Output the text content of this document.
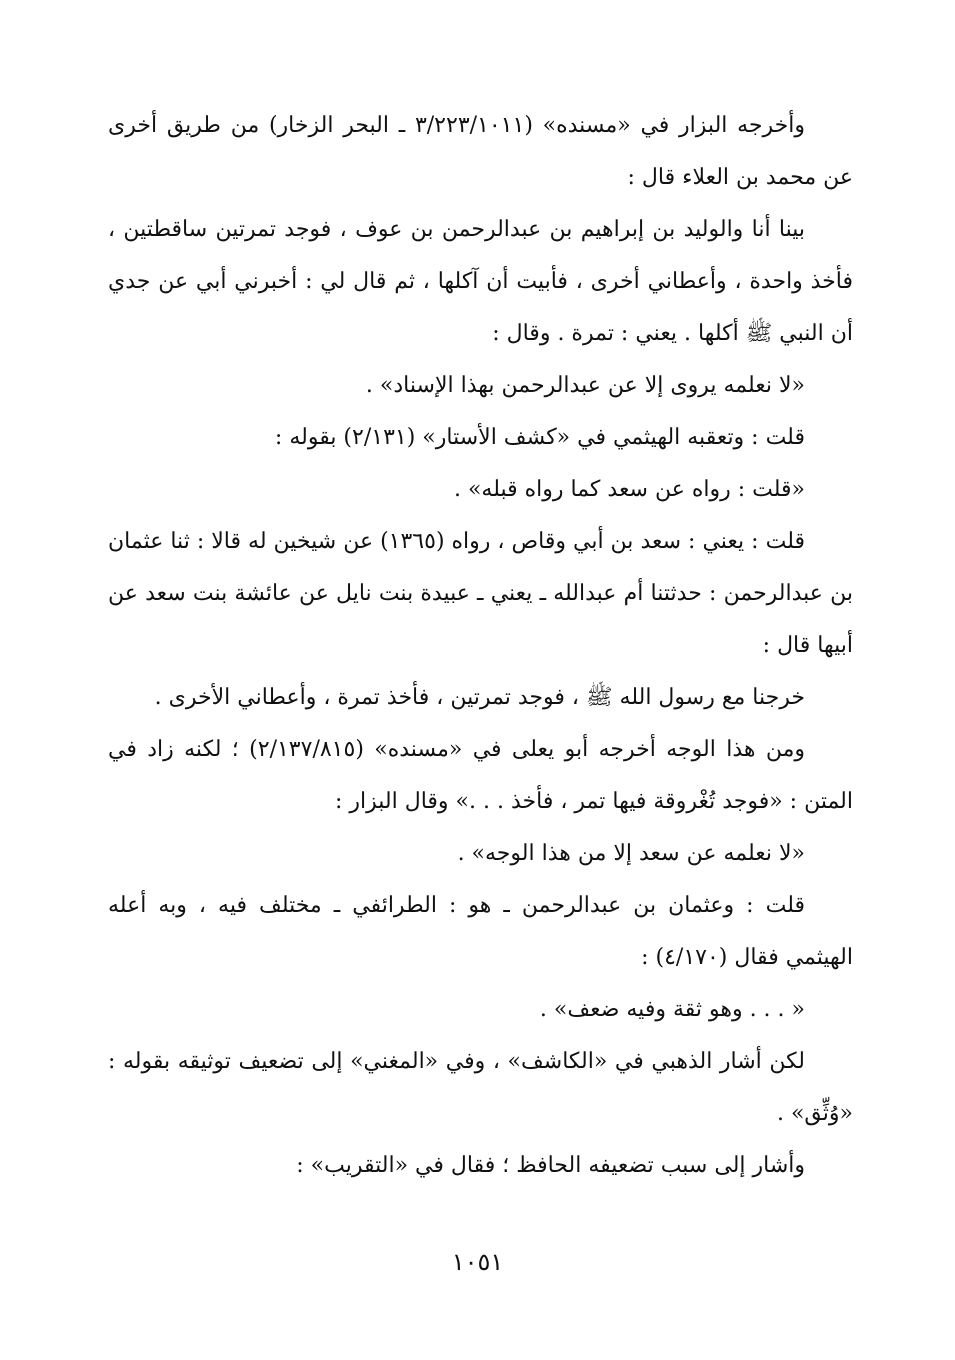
وأخرجه البزار في «مسنده» (٣/٢٢٣/١٠١١ ـ البحر الزخار) من طريق أخرى عن محمد بن العلاء قال :

بينا أنا والوليد بن إبراهيم بن عبدالرحمن بن عوف ، فوجد تمرتين ساقطتين ، فأخذ واحدة ، وأعطاني أخرى ، فأبيت أن آكلها ، ثم قال لي : أخبرني أبي عن جدي أن النبي ﷺ أكلها . يعني : تمرة . وقال :

«لا نعلمه يروى إلا عن عبدالرحمن بهذا الإسناد» .

قلت : وتعقبه الهيثمي في «كشف الأستار» (٢/١٣١) بقوله :

«قلت : رواه عن سعد كما رواه قبله» .

قلت : يعني : سعد بن أبي وقاص ، رواه (١٣٦٥) عن شيخين له قالا : ثنا عثمان بن عبدالرحمن : حدثتنا أم عبدالله ـ يعني ـ عبيدة بنت نايل عن عائشة بنت سعد عن أبيها قال :

خرجنا مع رسول الله ﷺ ، فوجد تمرتين ، فأخذ تمرة ، وأعطاني الأخرى .

ومن هذا الوجه أخرجه أبو يعلى في «مسنده» (٢/١٣٧/٨١٥) ؛ لكنه زاد في المتن : «فوجد تُغْروقة فيها تمر ، فأخذ . . .» وقال البزار :

«لا نعلمه عن سعد إلا من هذا الوجه» .

قلت : وعثمان بن عبدالرحمن ـ هو : الطرائفي ـ مختلف فيه ، وبه أعله الهيثمي فقال (٤/١٧٠) :

« . . . وهو ثقة وفيه ضعف» .

لكن أشار الذهبي في «الكاشف» ، وفي «المغني» إلى تضعيف توثيقه بقوله : «وُثِّق» .

وأشار إلى سبب تضعيفه الحافظ ؛ فقال في «التقريب» :

١٠٥١
